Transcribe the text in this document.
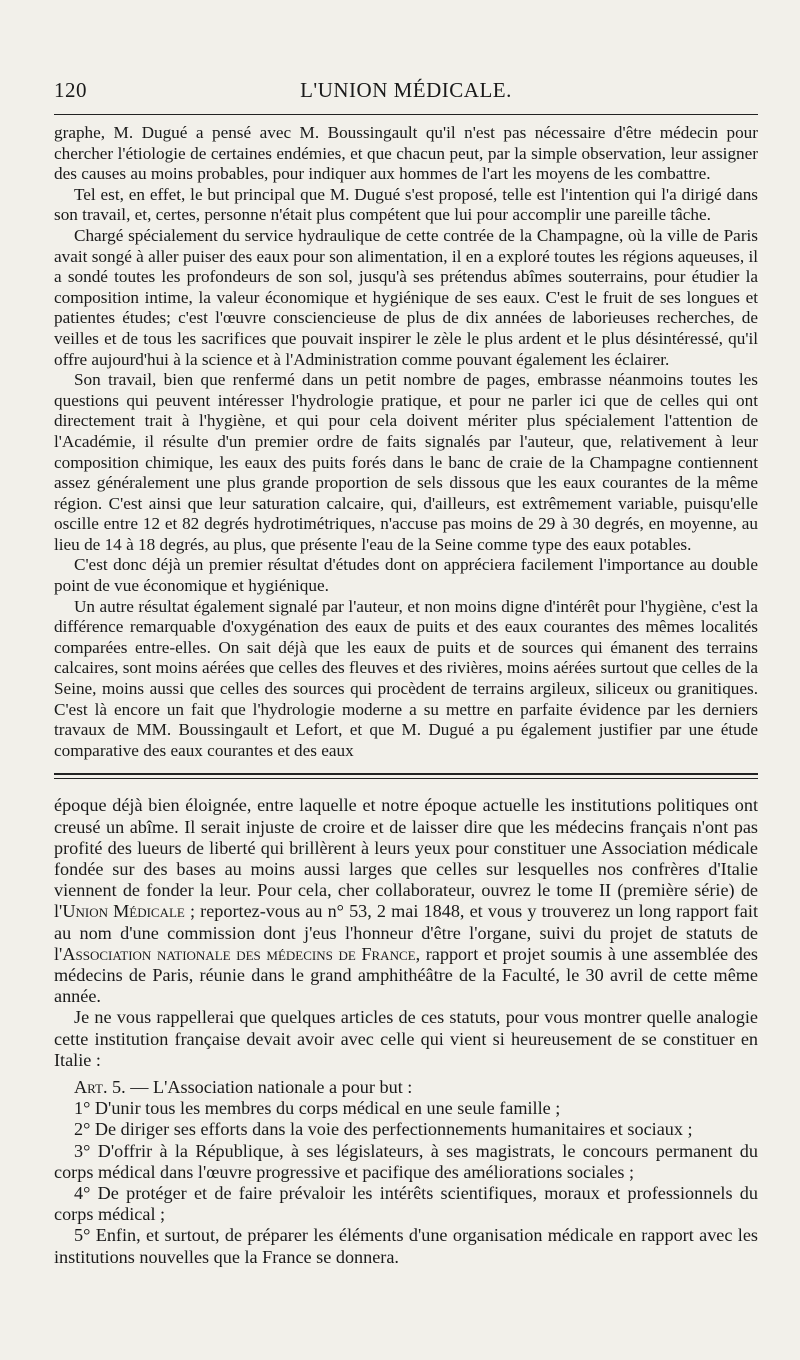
120	L'UNION MÉDICALE.

graphe, M. Dugué a pensé avec M. Boussingault qu'il n'est pas nécessaire d'être médecin pour chercher l'étiologie de certaines endémies, et que chacun peut, par la simple observation, leur assigner des causes au moins probables, pour indiquer aux hommes de l'art les moyens de les combattre.

Tel est, en effet, le but principal que M. Dugué s'est proposé, telle est l'intention qui l'a dirigé dans son travail, et, certes, personne n'était plus compétent que lui pour accomplir une pareille tâche.

Chargé spécialement du service hydraulique de cette contrée de la Champagne, où la ville de Paris avait songé à aller puiser des eaux pour son alimentation, il en a exploré toutes les régions aqueuses, il a sondé toutes les profondeurs de son sol, jusqu'à ses prétendus abîmes souterrains, pour étudier la composition intime, la valeur économique et hygiénique de ses eaux. C'est le fruit de ses longues et patientes études; c'est l'œuvre consciencieuse de plus de dix années de laborieuses recherches, de veilles et de tous les sacrifices que pouvait inspirer le zèle le plus ardent et le plus désintéressé, qu'il offre aujourd'hui à la science et à l'Administration comme pouvant également les éclairer.

Son travail, bien que renfermé dans un petit nombre de pages, embrasse néanmoins toutes les questions qui peuvent intéresser l'hydrologie pratique, et pour ne parler ici que de celles qui ont directement trait à l'hygiène, et qui pour cela doivent mériter plus spécialement l'attention de l'Académie, il résulte d'un premier ordre de faits signalés par l'auteur, que, relativement à leur composition chimique, les eaux des puits forés dans le banc de craie de la Champagne contiennent assez généralement une plus grande proportion de sels dissous que les eaux courantes de la même région. C'est ainsi que leur saturation calcaire, qui, d'ailleurs, est extrêmement variable, puisqu'elle oscille entre 12 et 82 degrés hydrotimétriques, n'accuse pas moins de 29 à 30 degrés, en moyenne, au lieu de 14 à 18 degrés, au plus, que présente l'eau de la Seine comme type des eaux potables.

C'est donc déjà un premier résultat d'études dont on appréciera facilement l'importance au double point de vue économique et hygiénique.

Un autre résultat également signalé par l'auteur, et non moins digne d'intérêt pour l'hygiène, c'est la différence remarquable d'oxygénation des eaux de puits et des eaux courantes des mêmes localités comparées entre-elles. On sait déjà que les eaux de puits et de sources qui émanent des terrains calcaires, sont moins aérées que celles des fleuves et des rivières, moins aérées surtout que celles de la Seine, moins aussi que celles des sources qui procèdent de terrains argileux, siliceux ou granitiques. C'est là encore un fait que l'hydrologie moderne a su mettre en parfaite évidence par les derniers travaux de MM. Boussingault et Lefort, et que M. Dugué a pu également justifier par une étude comparative des eaux courantes et des eaux

époque déjà bien éloignée, entre laquelle et notre époque actuelle les institutions politiques ont creusé un abîme. Il serait injuste de croire et de laisser dire que les médecins français n'ont pas profité des lueurs de liberté qui brillèrent à leurs yeux pour constituer une Association médicale fondée sur des bases au moins aussi larges que celles sur lesquelles nos confrères d'Italie viennent de fonder la leur. Pour cela, cher collaborateur, ouvrez le tome II (première série) de l'Union Médicale ; reportez-vous au n° 53, 2 mai 1848, et vous y trouverez un long rapport fait au nom d'une commission dont j'eus l'honneur d'être l'organe, suivi du projet de statuts de l'Association nationale des médecins de France, rapport et projet soumis à une assemblée des médecins de Paris, réunie dans le grand amphithéâtre de la Faculté, le 30 avril de cette même année.

Je ne vous rappellerai que quelques articles de ces statuts, pour vous montrer quelle analogie cette institution française devait avoir avec celle qui vient si heureusement de se constituer en Italie :

Art. 5. — L'Association nationale a pour but :

1° D'unir tous les membres du corps médical en une seule famille ;

2° De diriger ses efforts dans la voie des perfectionnements humanitaires et sociaux ;

3° D'offrir à la République, à ses législateurs, à ses magistrats, le concours permanent du corps médical dans l'œuvre progressive et pacifique des améliorations sociales ;

4° De protéger et de faire prévaloir les intérêts scientifiques, moraux et professionnels du corps médical ;

5° Enfin, et surtout, de préparer les éléments d'une organisation médicale en rapport avec les institutions nouvelles que la France se donnera.
